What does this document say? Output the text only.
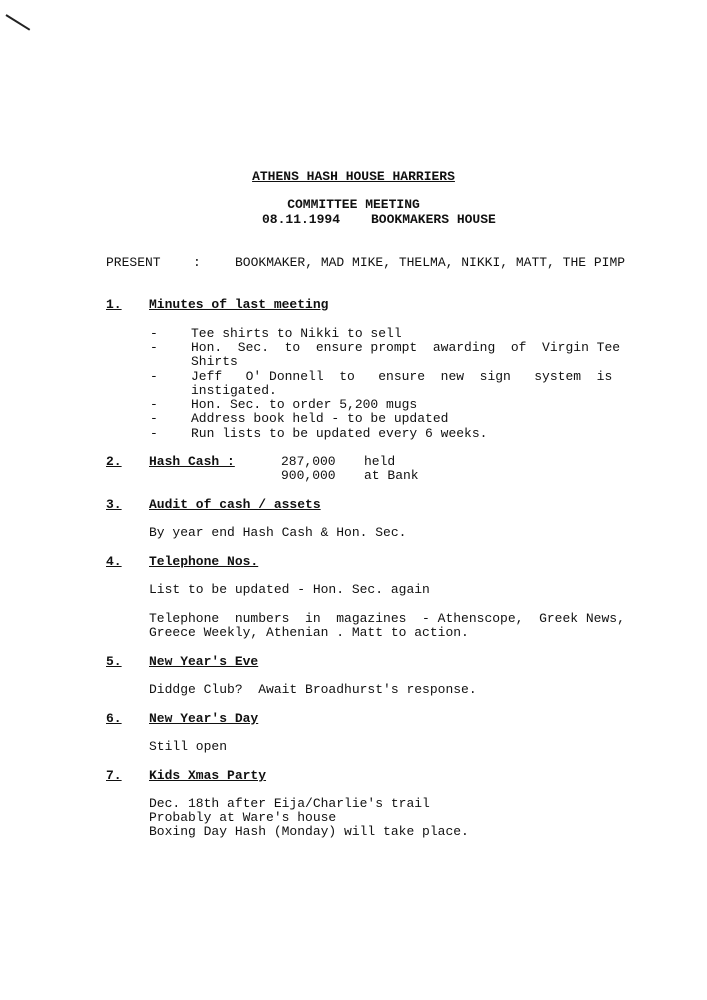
ATHENS HASH HOUSE HARRIERS
COMMITTEE MEETING
08.11.1994 BOOKMAKERS HOUSE
PRESENT :	BOOKMAKER, MAD MIKE, THELMA, NIKKI, MATT, THE PIMP
1. Minutes of last meeting
-	Tee shirts to Nikki to sell
-	Hon.  Sec.  to  ensure prompt  awarding  of  Virgin Tee
Shirts
-	Jeff   O' Donnell  to   ensure  new  sign   system  is
instigated.
-	Hon. Sec. to order 5,200 mugs
-	Address book held - to be updated
-	Run lists to be updated every 6 weeks.
2. Hash Cash :	287,000 held
900,000 at Bank
3. Audit of cash / assets
By year end Hash Cash & Hon. Sec.
4. Telephone Nos.
List to be updated - Hon. Sec. again
Telephone  numbers  in  magazines  - Athenscope,  Greek News,
Greece Weekly, Athenian . Matt to action.
5. New Year's Eve
Diddge Club?  Await Broadhurst's response.
6. New Year's Day
Still open
7. Kids Xmas Party
Dec. 18th after Eija/Charlie's trail
Probably at Ware's house
Boxing Day Hash (Monday) will take place.
